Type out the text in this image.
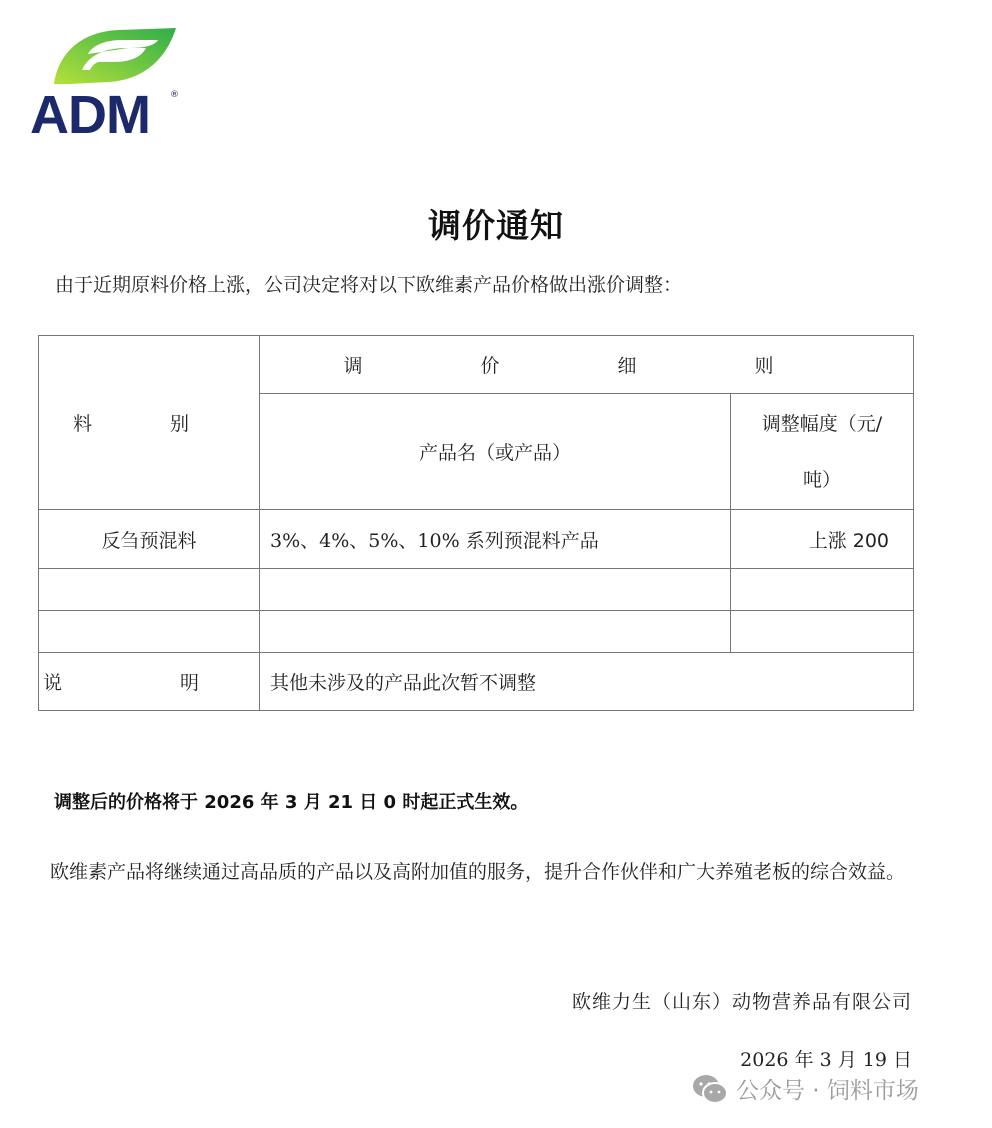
ADM ®
调价通知
由于近期原料价格上涨，公司决定将对以下欧维素产品价格做出涨价调整：
料 别	调 价 细 则	
	产品名（或产品）	调整幅度（元/
吨）

反刍预混料	3%、4%、5%、10% 系列预混料产品	上涨 200

说 明	其他未涉及的产品此次暂不调整	
调整后的价格将于 2026 年 3 月 21 日 0 时起正式生效。
欧维素产品将继续通过高品质的产品以及高附加值的服务，提升合作伙伴和广大养殖老板的综合效益。
欧维力生（山东）动物营养品有限公司
2026 年 3 月 19 日
公众号 · 饲料市场
